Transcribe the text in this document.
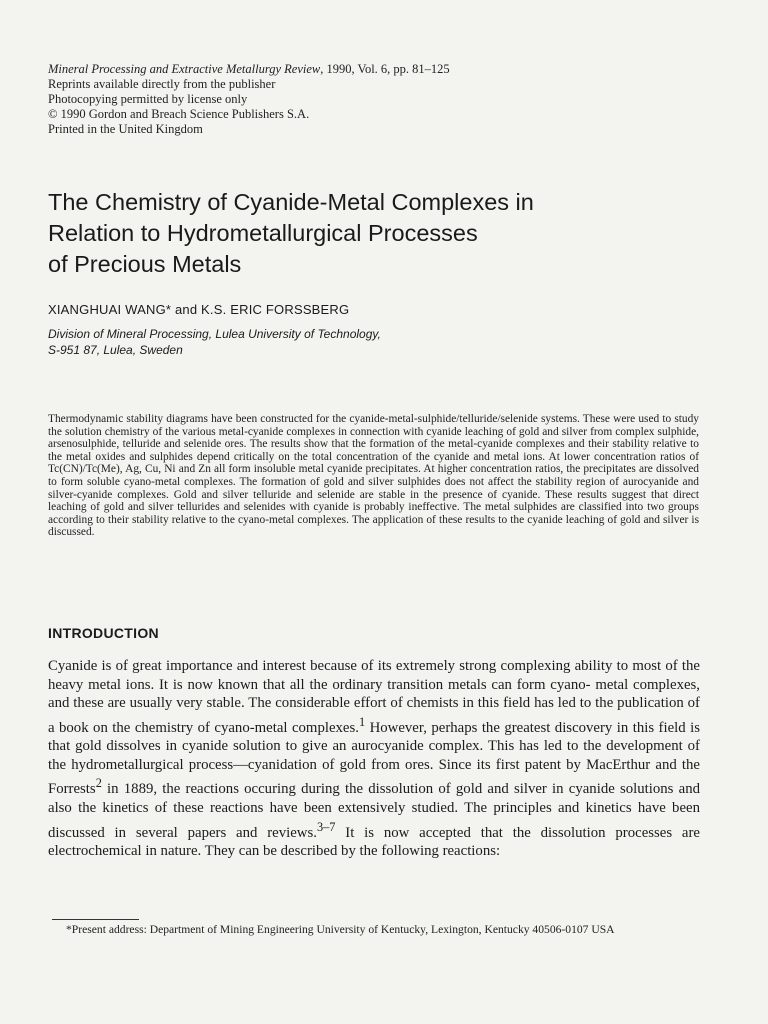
Mineral Processing and Extractive Metallurgy Review, 1990, Vol. 6, pp. 81–125
Reprints available directly from the publisher
Photocopying permitted by license only
© 1990 Gordon and Breach Science Publishers S.A.
Printed in the United Kingdom
The Chemistry of Cyanide-Metal Complexes in
Relation to Hydrometallurgical Processes
of Precious Metals
XIANGHUAI WANG* and K.S. ERIC FORSSBERG
Division of Mineral Processing, Lulea University of Technology,
S-951 87, Lulea, Sweden
Thermodynamic stability diagrams have been constructed for the cyanide-metal-sulphide/telluride/selenide systems. These were used to study the solution chemistry of the various metal-cyanide complexes in connection with cyanide leaching of gold and silver from complex sulphide, arsenosulphide, telluride and selenide ores. The results show that the formation of the metal-cyanide complexes and their stability relative to the metal oxides and sulphides depend critically on the total concentration of the cyanide and metal ions. At lower concentration ratios of Tc(CN)/Tc(Me), Ag, Cu, Ni and Zn all form insoluble metal cyanide precipitates. At higher concentration ratios, the precipitates are dissolved to form soluble cyano-metal complexes. The formation of gold and silver sulphides does not affect the stability region of aurocyanide and silver-cyanide complexes. Gold and silver telluride and selenide are stable in the presence of cyanide. These results suggest that direct leaching of gold and silver tellurides and selenides with cyanide is probably ineffective. The metal sulphides are classified into two groups according to their stability relative to the cyano-metal complexes. The application of these results to the cyanide leaching of gold and silver is discussed.
INTRODUCTION
Cyanide is of great importance and interest because of its extremely strong complexing ability to most of the heavy metal ions. It is now known that all the ordinary transition metals can form cyano- metal complexes, and these are usually very stable. The considerable effort of chemists in this field has led to the publication of a book on the chemistry of cyano-metal complexes.$^1$ However, perhaps the greatest discovery in this field is that gold dissolves in cyanide solution to give an aurocyanide complex. This has led to the development of the hydrometallurgical process—cyanidation of gold from ores. Since its first patent by MacErthur and the Forrests$^2$ in 1889, the reactions occuring during the dissolution of gold and silver in cyanide solutions and also the kinetics of these reactions have been extensively studied. The principles and kinetics have been discussed in several papers and reviews.$^{3-7}$ It is now accepted that the dissolution processes are electrochemical in nature. They can be described by the following reactions:
*Present address: Department of Mining Engineering University of Kentucky, Lexington, Kentucky 40506-0107 USA
